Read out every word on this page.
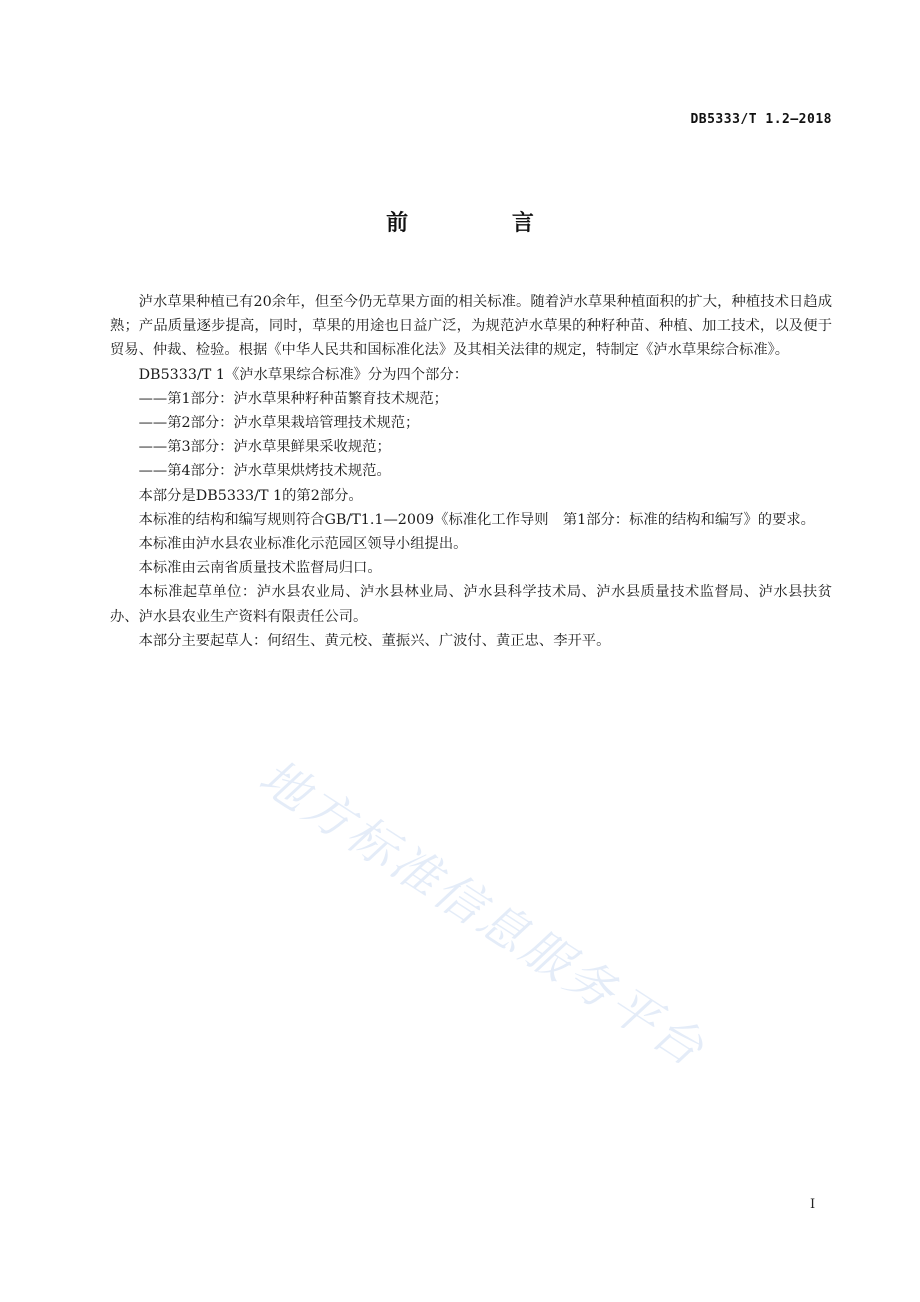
DB5333/T 1.2—2018
前 言

泸水草果种植已有20余年，但至今仍无草果方面的相关标准。随着泸水草果种植面积的扩大，种植技术日趋成熟；产品质量逐步提高，同时，草果的用途也日益广泛，为规范泸水草果的种籽种苗、种植、加工技术，以及便于贸易、仲裁、检验。根据《中华人民共和国标准化法》及其相关法律的规定，特制定《泸水草果综合标准》。

DB5333/T 1《泸水草果综合标准》分为四个部分：

——第1部分：泸水草果种籽种苗繁育技术规范；

——第2部分：泸水草果栽培管理技术规范；

——第3部分：泸水草果鲜果采收规范；

——第4部分：泸水草果烘烤技术规范。

本部分是DB5333/T 1的第2部分。

本标准的结构和编写规则符合GB/T1.1—2009《标准化工作导则　第1部分：标准的结构和编写》的要求。

本标准由泸水县农业标准化示范园区领导小组提出。

本标准由云南省质量技术监督局归口。

本标准起草单位：泸水县农业局、泸水县林业局、泸水县科学技术局、泸水县质量技术监督局、泸水县扶贫办、泸水县农业生产资料有限责任公司。

本部分主要起草人：何绍生、黄元校、董振兴、广波付、黄正忠、李开平。

地方标准信息服务平台
I
